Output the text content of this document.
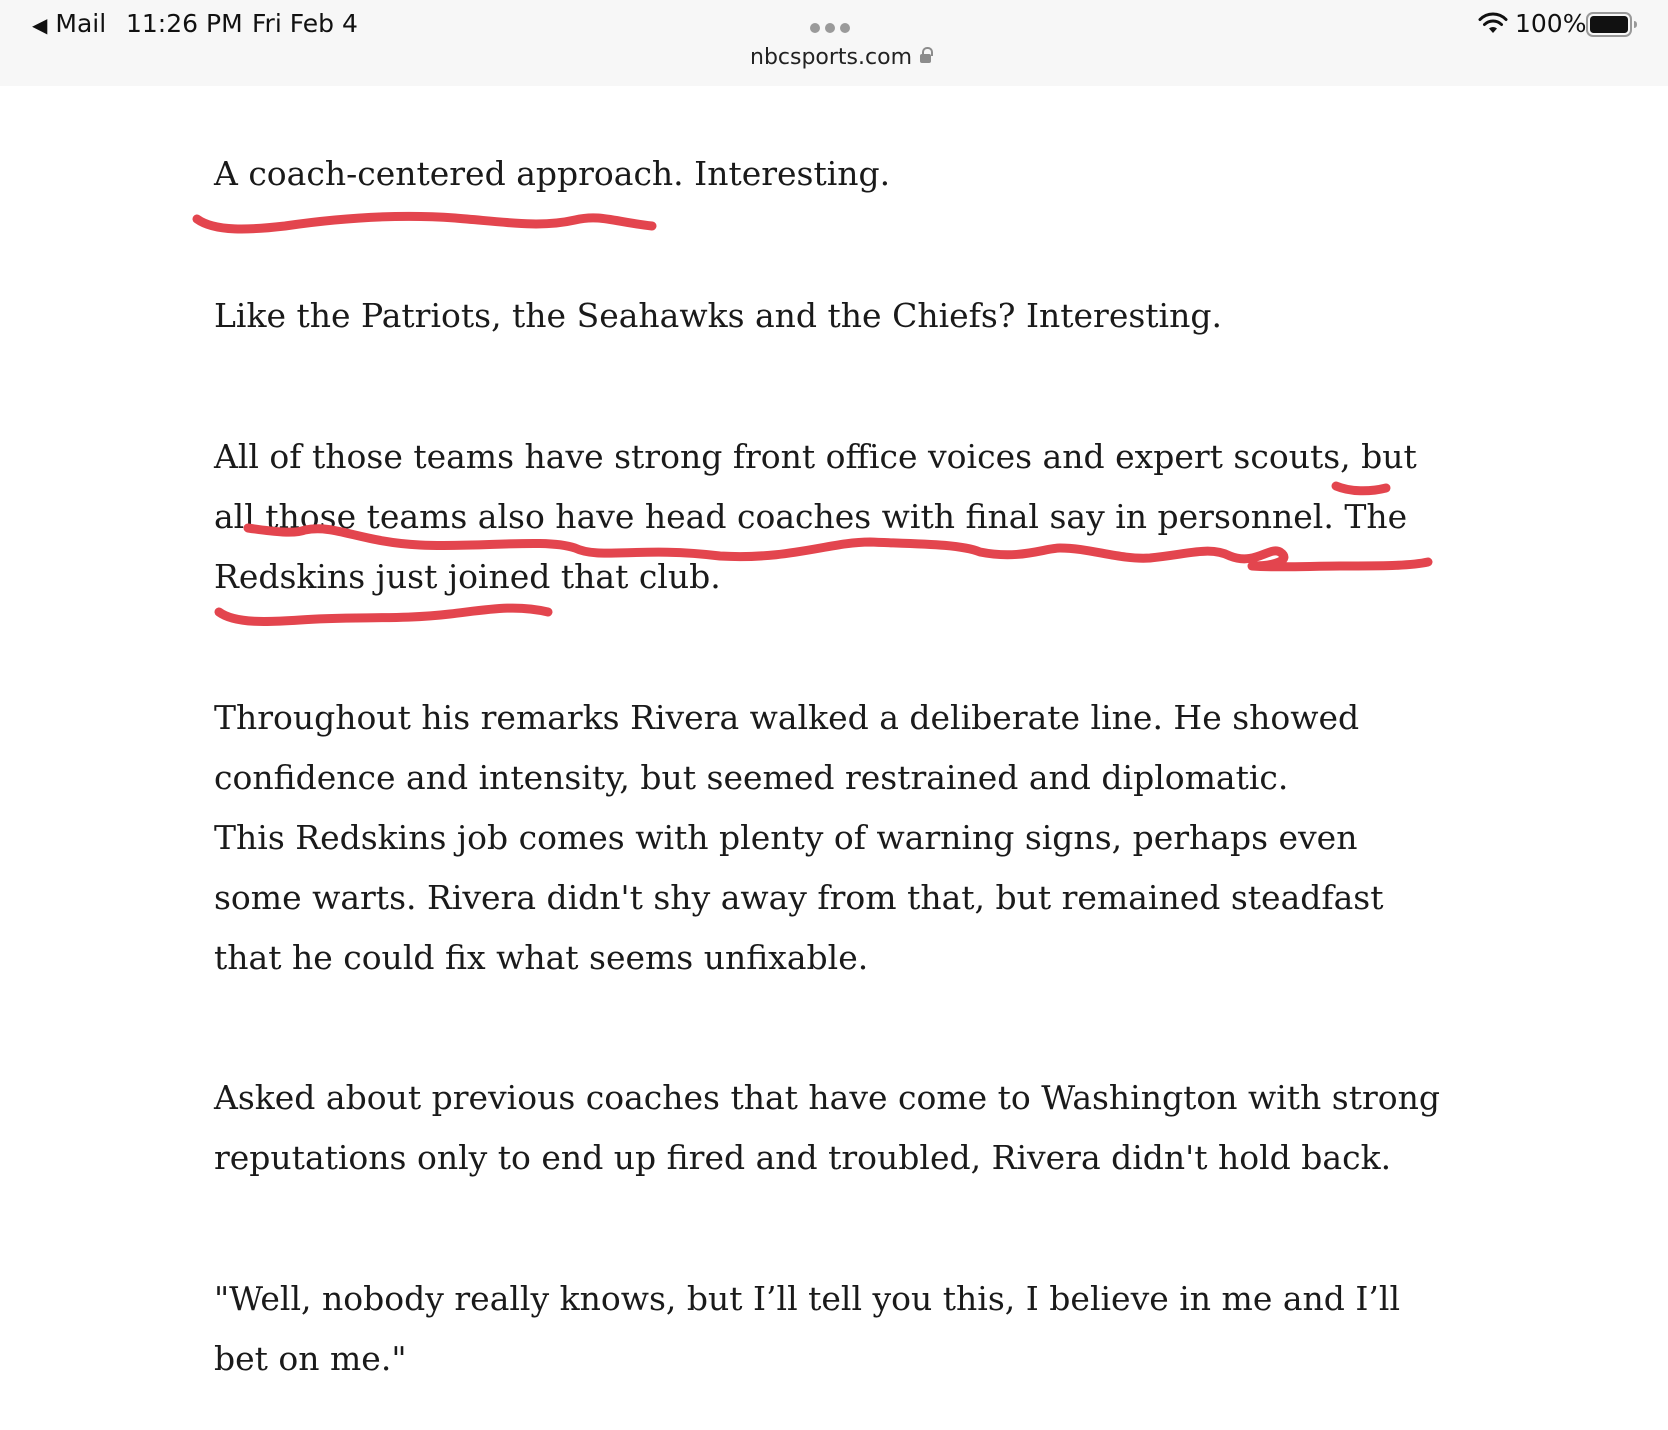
◀ Mail 11:26 PM Fri Feb 4
nbcsports.com
100%

A coach-centered approach. Interesting.

Like the Patriots, the Seahawks and the Chiefs? Interesting.

All of those teams have strong front office voices and expert scouts, but all those teams also have head coaches with final say in personnel. The Redskins just joined that club.

Throughout his remarks Rivera walked a deliberate line. He showed confidence and intensity, but seemed restrained and diplomatic.

This Redskins job comes with plenty of warning signs, perhaps even some warts. Rivera didn't shy away from that, but remained steadfast that he could fix what seems unfixable.

Asked about previous coaches that have come to Washington with strong reputations only to end up fired and troubled, Rivera didn't hold back.

"Well, nobody really knows, but I’ll tell you this, I believe in me and I’ll bet on me."
